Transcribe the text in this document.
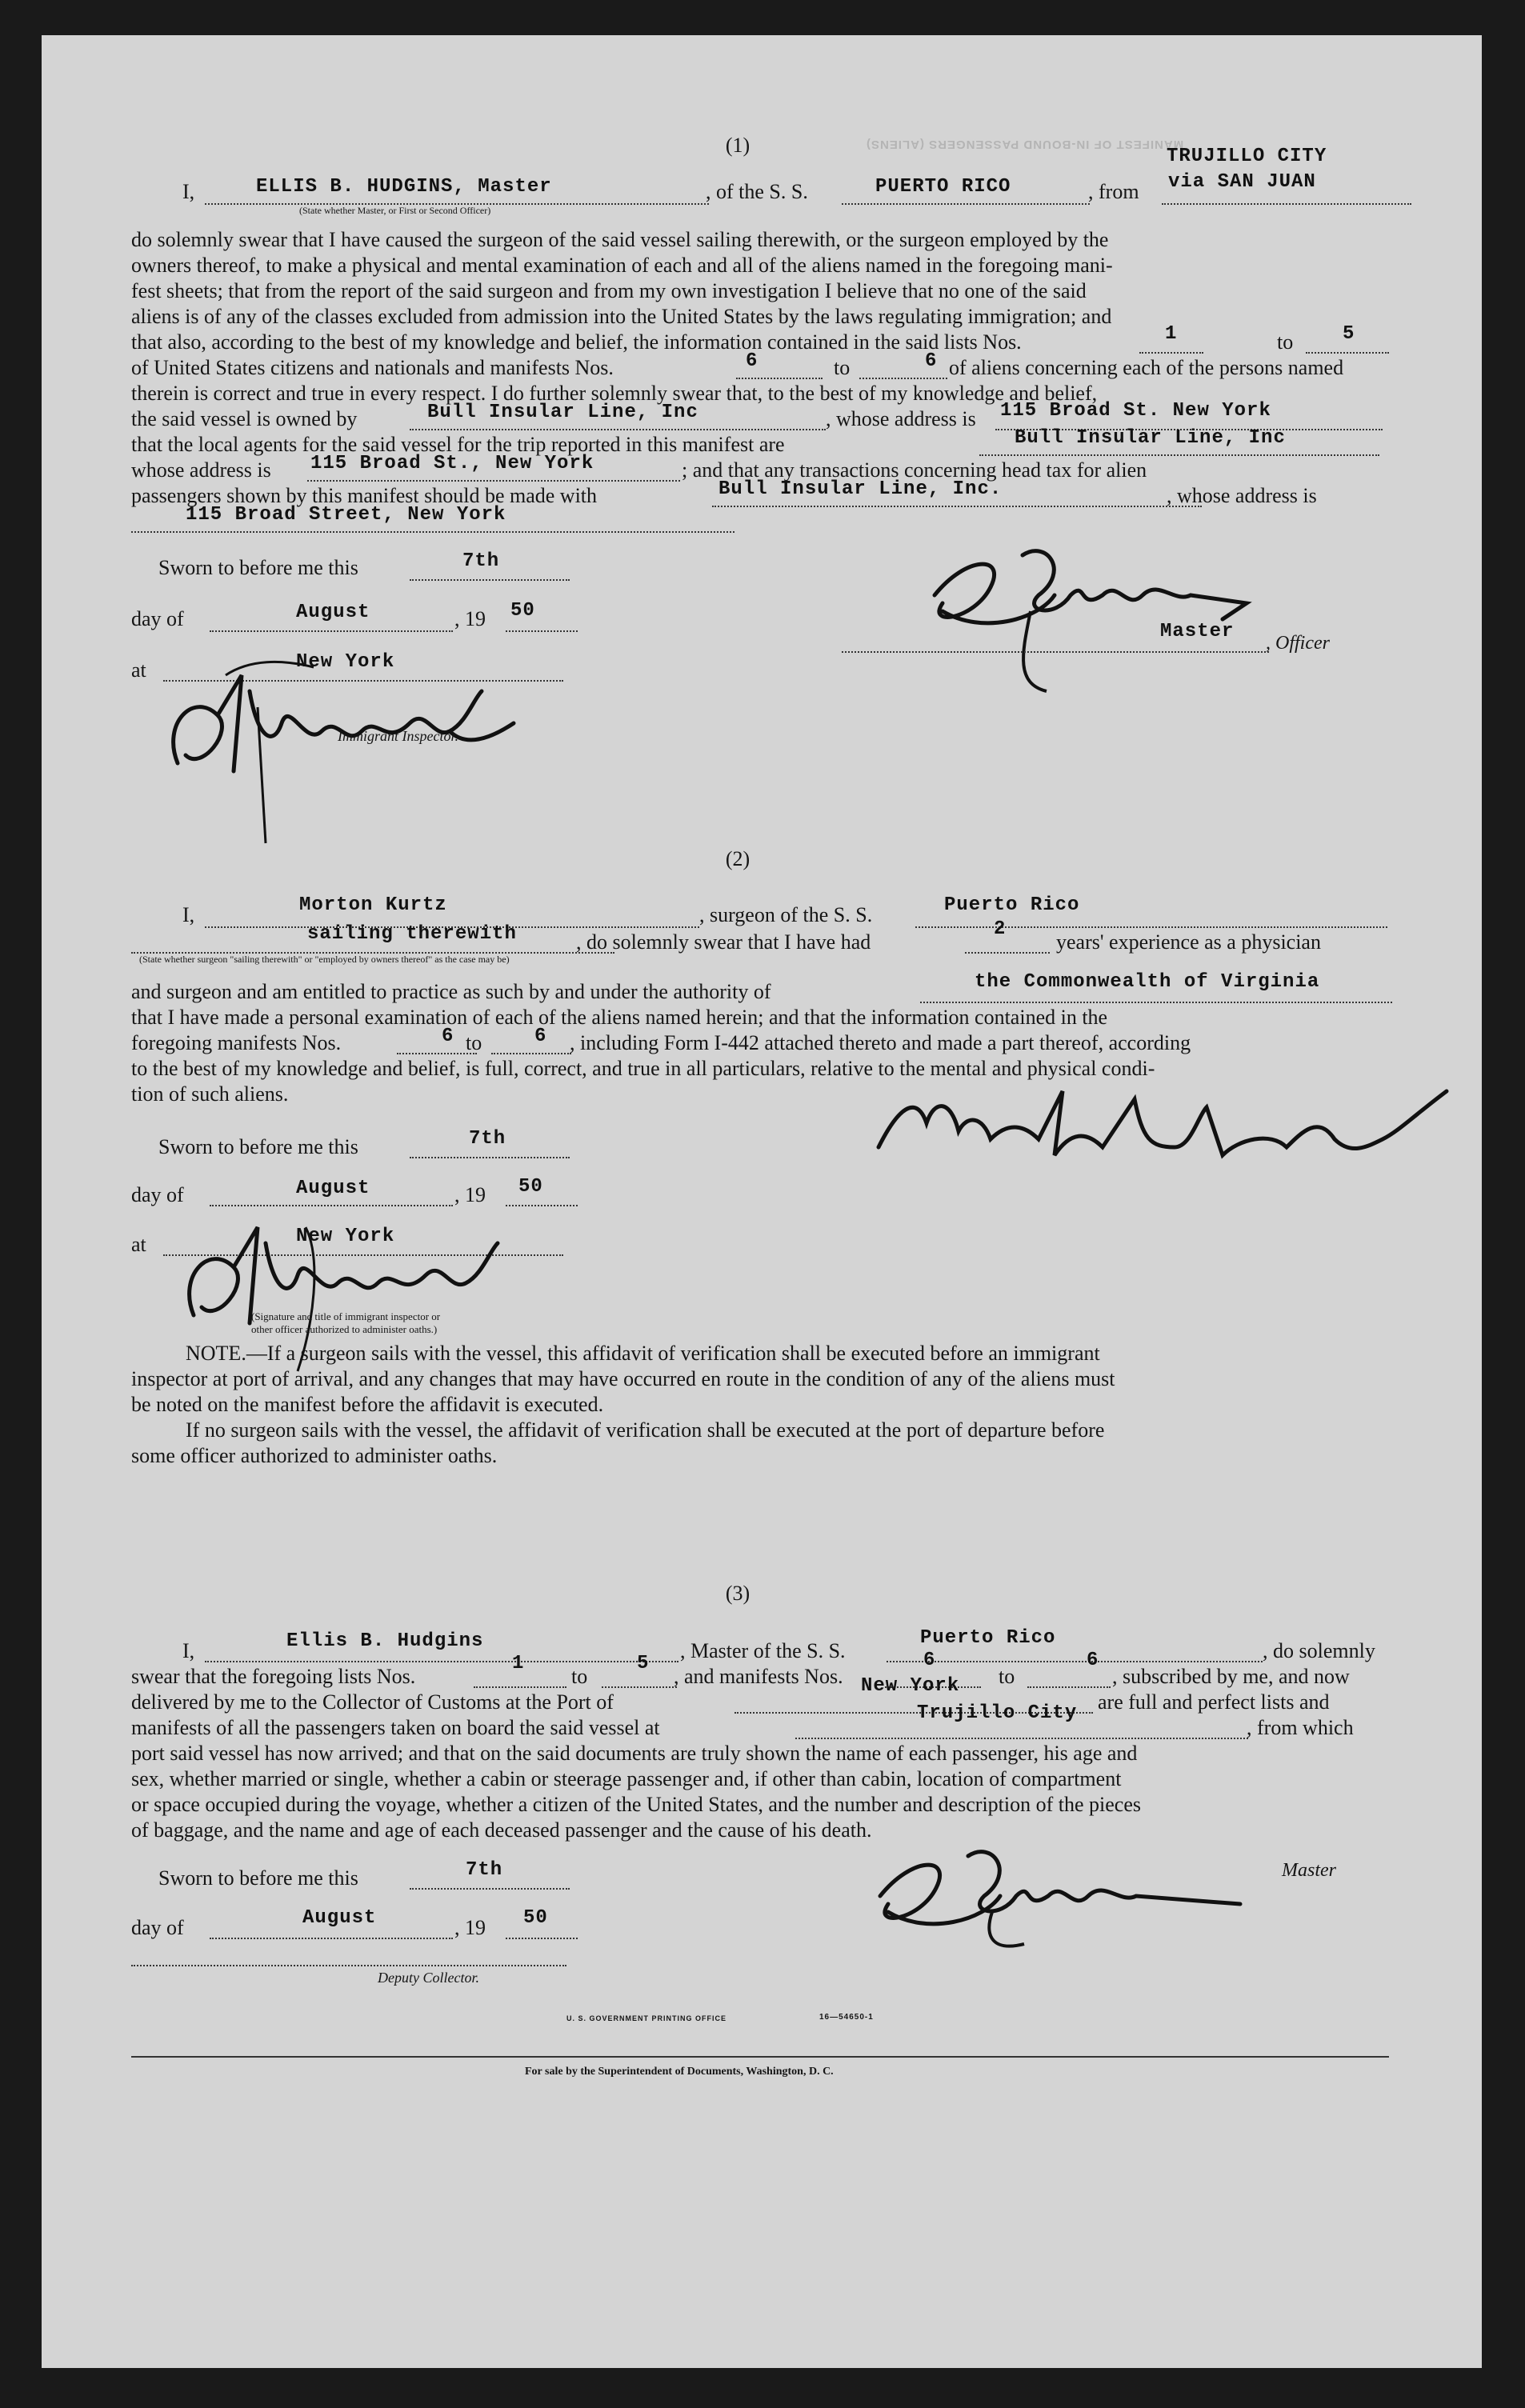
MANIFEST OF IN-BOUND PASSENGERS (ALIENS)
(1)	TRUJILLO CITY
via SAN JUAN
I,	ELLIS B. HUDGINS, Master
(State whether Master, or First or Second Officer)
, of the S. S.	PUERTO RICO	, from
do solemnly swear that I have caused the surgeon of the said vessel sailing therewith, or the surgeon employed by the
owners thereof, to make a physical and mental examination of each and all of the aliens named in the foregoing mani-
fest sheets; that from the report of the said surgeon and from my own investigation I believe that no one of the said
aliens is of any of the classes excluded from admission into the United States by the laws regulating immigration; and
that also, according to the best of my knowledge and belief, the information contained in the said lists Nos.	1	to	5
of United States citizens and nationals and manifests Nos.	6	to	6 of aliens concerning each of the persons named
therein is correct and true in every respect. I do further solemnly swear that, to the best of my knowledge and belief,
the said vessel is owned by	Bull Insular Line, Inc	, whose address is 115 Broad St. New York
that the local agents for the said vessel for the trip reported in this manifest are	Bull Insular Line, Inc
whose address is 115 Broad St., New York	; and that any transactions concerning head tax for alien
passengers shown by this manifest should be made with	Bull Insular Line, Inc.	, whose address is
115 Broad Street, New York
Sworn to before me this	7th
day of	August	, 19 50
at	New York
Immigrant Inspector.
Master
, Officer
(2)
I,	Morton Kurtz	, surgeon of the S. S.	Puerto Rico
sailing therewith	, do solemnly swear that I have had
2
years' experience as a physician
(State whether surgeon "sailing therewith" or "employed by owners thereof" as the case may be)
and surgeon and am entitled to practice as such by and under the authority of	the Commonwealth of Virginia
that I have made a personal examination of each of the aliens named herein; and that the information contained in the
foregoing manifests Nos.	6 to	6 , including Form I-442 attached thereto and made a part thereof, according
to the best of my knowledge and belief, is full, correct, and true in all particulars, relative to the mental and physical condi-
tion of such aliens.
Sworn to before me this	7th
day of	August	, 19 50
at	New York
(Signature and title of immigrant inspector or
other officer authorized to administer oaths.)
NOTE.—If a surgeon sails with the vessel, this affidavit of verification shall be executed before an immigrant
inspector at port of arrival, and any changes that may have occurred en route in the condition of any of the aliens must
be noted on the manifest before the affidavit is executed.
If no surgeon sails with the vessel, the affidavit of verification shall be executed at the port of departure before
some officer authorized to administer oaths.
(3)
I,	Ellis B. Hudgins	, Master of the S. S.
Puerto Rico
, do solemnly
swear that the foregoing lists Nos.
1
to
5
, and manifests Nos.
6
to
6
, subscribed by me, and now
delivered by me to the Collector of Customs at the Port of
New York
are full and perfect lists and
manifests of all the passengers taken on board the said vessel at
Trujillo City
, from which
port said vessel has now arrived; and that on the said documents are truly shown the name of each passenger, his age and
sex, whether married or single, whether a cabin or steerage passenger and, if other than cabin, location of compartment
or space occupied during the voyage, whether a citizen of the United States, and the number and description of the pieces
of baggage, and the name and age of each deceased passenger and the cause of his death.
Master
Sworn to before me this	7th
day of	August	, 19 50
Deputy Collector.
U. S. GOVERNMENT PRINTING OFFICE	16—54650-1
For sale by the Superintendent of Documents, Washington, D. C.
